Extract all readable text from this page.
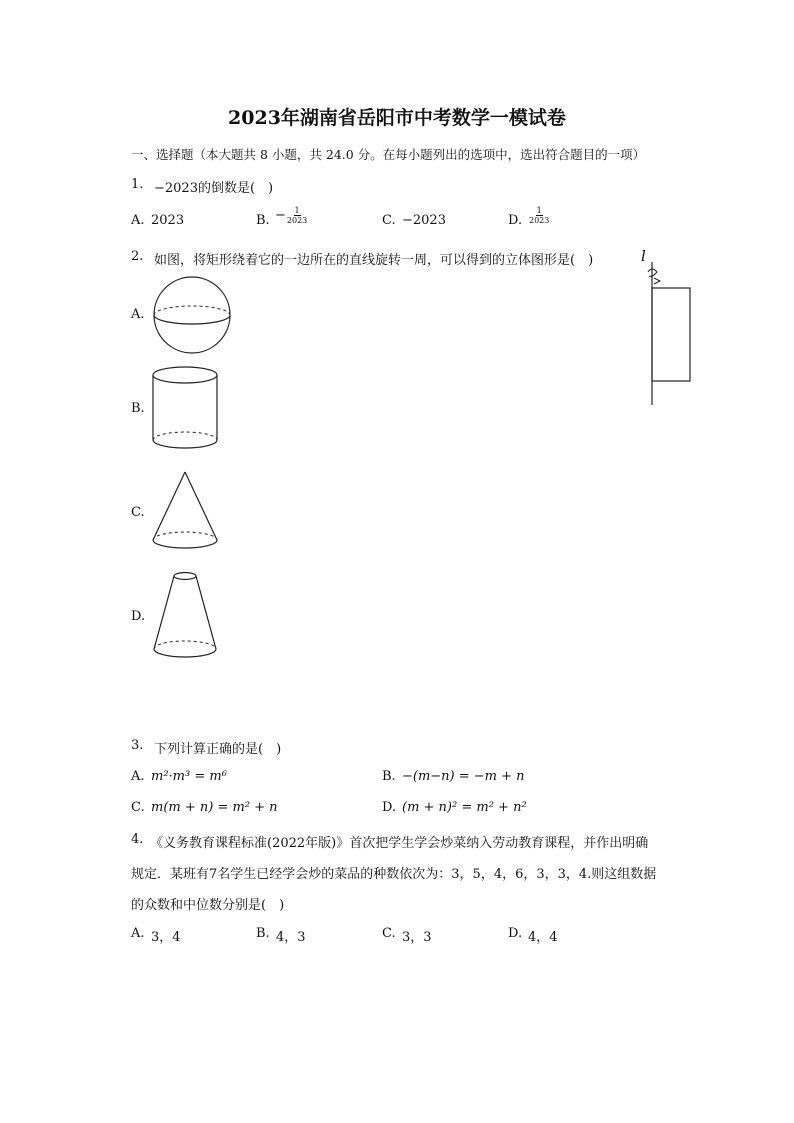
2023年湖南省岳阳市中考数学一模试卷
一、选择题（本大题共 8 小题，共 24.0 分。在每小题列出的选项中，选出符合题目的一项）
1. −2023的倒数是(　)
A. 2023	B. − $\frac{1}{2023}$	C. −2023	D. $\frac{1}{2023}$
2. 如图，将矩形绕着它的一边所在的直线旋转一周，可以得到的立体图形是(　)	l
A.
B.
C.
D.
3. 下列计算正确的是(　)
A. m²·m³ = m⁶	B. −(m−n) = −m + n
C. m(m + n) = m² + n	D. (m + n)² = m² + n²
4. 《义务教育课程标准(2022年版)》首次把学生学会炒菜纳入劳动教育课程，并作出明确
规定．某班有7名学生已经学会炒的菜品的种数依次为：3，5，4，6，3，3，4.则这组数据
的众数和中位数分别是(　)
A. 3，4	B. 4，3	C. 3，3	D. 4，4
